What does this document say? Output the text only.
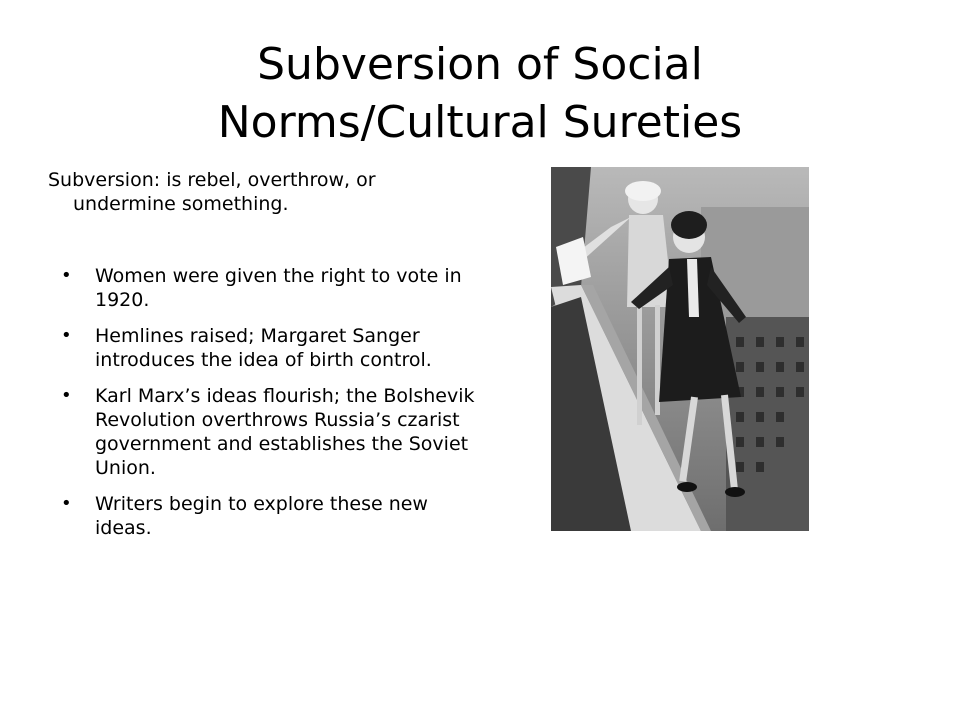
Subversion of Social
Norms/Cultural Sureties

Subversion: is rebel, overthrow, or undermine something.

• Women were given the right to vote in 1920.
• Hemlines raised; Margaret Sanger introduces the idea of birth control.
• Karl Marx’s ideas flourish; the Bolshevik Revolution overthrows Russia’s czarist government and establishes the Soviet Union.
• Writers begin to explore these new ideas.
